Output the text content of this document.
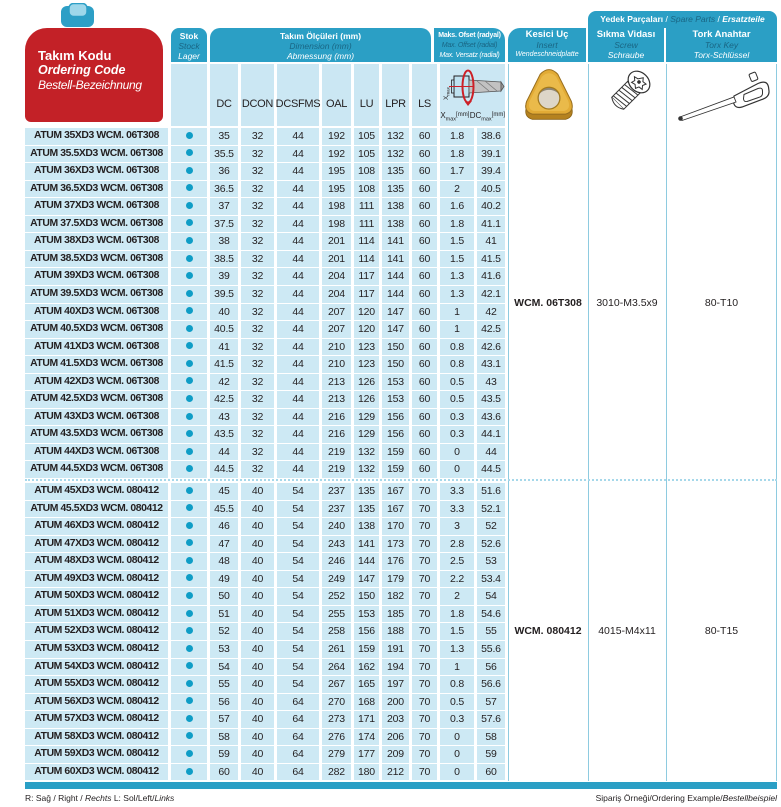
Takım Kodu
Ordering Code
Bestell-Bezeichnung
Stok
Stock
Lager
Takım Ölçüleri (mm)
Dimension (mm)
Abmessung (mm)
Maks. Ofset (radyal)
Max. Offset (radial)
Max. Versatz (radial)
Yedek Parçaları / Spare Parts / Ersatzteile
Kesici Uç
Insert
Wendeschneidplatte
Sıkma Vidası
Screw
Schraube
Tork Anahtar
Torx Key
Torx-Schlüssel
DC DCON DCSFMS OAL	LU	LPR	LS
$X_{max}$
$X_{max}[mm]$ $DC_{max}[mm]$
ATUM 35XD3 WCM. 06T308	35	32	44	192	105	132	60	1.8	38.6
ATUM 35.5XD3 WCM. 06T308	35.5	32	44	192	105	132	60	1.8	39.1
ATUM 36XD3 WCM. 06T308	36	32	44	195	108	135	60	1.7	39.4
ATUM 36.5XD3 WCM. 06T308	36.5	32	44	195	108	135	60	2	40.5
ATUM 37XD3 WCM. 06T308	37	32	44	198	111	138	60	1.6	40.2
ATUM 37.5XD3 WCM. 06T308	37.5	32	44	198	111	138	60	1.8	41.1
ATUM 38XD3 WCM. 06T308	38	32	44	201	114	141	60	1.5	41
ATUM 38.5XD3 WCM. 06T308	38.5	32	44	201	114	141	60	1.5	41.5
ATUM 39XD3 WCM. 06T308	39	32	44	204	117	144	60	1.3	41.6
ATUM 39.5XD3 WCM. 06T308	39.5	32	44	204	117	144	60	1.3	42.1
ATUM 40XD3 WCM. 06T308	40	32	44	207	120	147	60	1	42
ATUM 40.5XD3 WCM. 06T308	40.5	32	44	207	120	147	60	1	42.5
ATUM 41XD3 WCM. 06T308	41	32	44	210	123	150	60	0.8	42.6
ATUM 41.5XD3 WCM. 06T308	41.5	32	44	210	123	150	60	0.8	43.1
ATUM 42XD3 WCM. 06T308	42	32	44	213	126	153	60	0.5	43
ATUM 42.5XD3 WCM. 06T308	42.5	32	44	213	126	153	60	0.5	43.5
ATUM 43XD3 WCM. 06T308	43	32	44	216	129	156	60	0.3	43.6
ATUM 43.5XD3 WCM. 06T308	43.5	32	44	216	129	156	60	0.3	44.1
ATUM 44XD3 WCM. 06T308	44	32	44	219	132	159	60	0	44
ATUM 44.5XD3 WCM. 06T308	44.5	32	44	219	132	159	60	0	44.5
ATUM 45XD3 WCM. 080412	45	40	54	237	135	167	70	3.3	51.6
ATUM 45.5XD3 WCM. 080412	45.5	40	54	237	135	167	70	3.3	52.1
ATUM 46XD3 WCM. 080412	46	40	54	240	138	170	70	3	52
ATUM 47XD3 WCM. 080412	47	40	54	243	141	173	70	2.8	52.6
ATUM 48XD3 WCM. 080412	48	40	54	246	144	176	70	2.5	53
ATUM 49XD3 WCM. 080412	49	40	54	249	147	179	70	2.2	53.4
ATUM 50XD3 WCM. 080412	50	40	54	252	150	182	70	2	54
ATUM 51XD3 WCM. 080412	51	40	54	255	153	185	70	1.8	54.6
ATUM 52XD3 WCM. 080412	52	40	54	258	156	188	70	1.5	55
ATUM 53XD3 WCM. 080412	53	40	54	261	159	191	70	1.3	55.6
ATUM 54XD3 WCM. 080412	54	40	54	264	162	194	70	1	56
ATUM 55XD3 WCM. 080412	55	40	54	267	165	197	70	0.8	56.6
ATUM 56XD3 WCM. 080412	56	40	64	270	168	200	70	0.5	57
ATUM 57XD3 WCM. 080412	57	40	64	273	171	203	70	0.3	57.6
ATUM 58XD3 WCM. 080412	58	40	64	276	174	206	70	0	58
ATUM 59XD3 WCM. 080412	59	40	64	279	177	209	70	0	59
ATUM 60XD3 WCM. 080412	60	40	64	282	180	212	70	0	60
WCM. 06T308	3010-M3.5x9	80-T10
WCM. 080412	4015-M4x11	80-T15
R: Sağ / Right / Rechts L: Sol/Left/Links	Sipariş Örneği/Ordering Example/Bestellbeispiel
